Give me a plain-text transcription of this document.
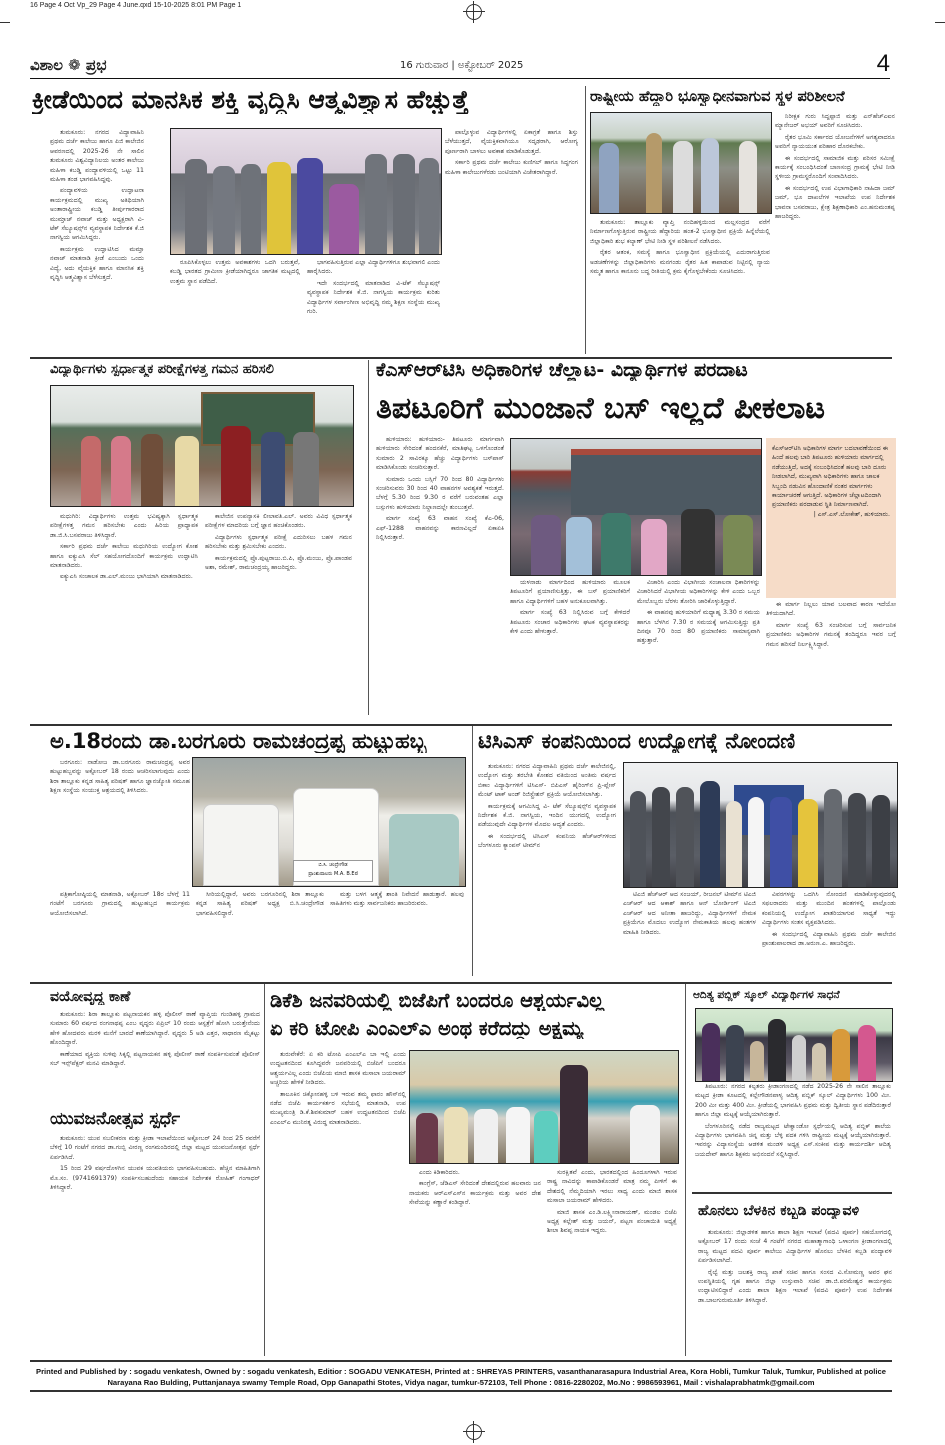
16 Page 4 Oct Vp_29 Page 4 June.qxd 15-10-2025 8:01 PM Page 1
ವಿಶಾಲ ❁ ಪ್ರಭ	16 ಗುರುವಾರ | ಅಕ್ಟೋಬರ್ 2025	4
ಕ್ರೀಡೆಯಿಂದ ಮಾನಸಿಕ ಶಕ್ತಿ ವೃದ್ಧಿಸಿ ಆತ್ಮವಿಶ್ವಾಸ ಹೆಚ್ಚುತ್ತೆ

ತುಮಕೂರು: ನಗರದ ವಿದ್ಯಾವಾಹಿನಿ ಪ್ರಥಮ ದರ್ಜೆ ಕಾಲೇಜು ಹಾಗೂ ಪಿಜಿ ಕಾಲೇಜಿನ ಆವರಣದಲ್ಲಿ 2025-26 ನೇ ಸಾಲಿನ ತುಮಕೂರು ವಿಶ್ವವಿದ್ಯಾನಿಲಯ ಅಂತರ ಕಾಲೇಜು ಮಹಿಳಾ ಕಬಡ್ಡಿ ಪಂದ್ಯಾವಳಿಯಲ್ಲಿ ಒಟ್ಟು 11 ಮಹಿಳಾ ತಂಡ ಭಾಗವಹಿಸಿದ್ದವು.

ಪಂದ್ಯಾವಳಿಯ ಉದ್ಘಾಟನಾ ಕಾರ್ಯಕ್ರಮದಲ್ಲಿ ಮುಖ್ಯ ಅತಿಥಿಯಾಗಿ ಅಂತಾರಾಷ್ಟ್ರೀಯ ಕಬಡ್ಡಿ ತೀರ್ಪುಗಾರರಾದ ಮುಮ್ತಾಜ್ ನವಾಜ್ ಮತ್ತು ಅಧ್ಯಕ್ಷರಾಗಿ ವಿ-ಟೆಕ್ ಸೆಲ್ಯೂಷನ್ಸ್‌ನ ವ್ಯವಸ್ಥಾಪಕ ನಿರ್ದೇಶಕ ಕೆ.ಜಿ ನಾಗಸ್ವಿಯ ಆಗಮಿಸಿದ್ದರು.

ಕಾರ್ಯಕ್ರಮ ಉದ್ಘಾಟಿಸಿದ ಮಮ್ತಾ ನವಾಜ್ ಮಾತನಾಡಿ ಕ್ರೀಡೆ ಎಂಬುದು ಒಂದು ವಿದ್ಯೆ, ಅದು ವೈಯಕ್ತಿಕ ಹಾಗೂ ಮಾನಸಿಕ ಶಕ್ತಿ ವೃದ್ಧಿಸಿ ಆತ್ಮವಿಶ್ವಾಸ ಬೆಳೆಸುತ್ತದೆ.

ರೂಪಿಸಿಕೊಳ್ಳಲು ಉತ್ತಮ ಅವಕಾಶಗಳು ಒದಗಿ ಬರುತ್ತವೆ, ಕಬಡ್ಡಿ ಭಾರತದ ಗ್ರಾಮೀಣ ಕ್ರೀಡೆಯಾಗಿದ್ದರೂ ಜಾಗತಿಕ ಮಟ್ಟದಲ್ಲಿ ಉತ್ತಮ ಸ್ಥಾನ ಪಡೆದಿದೆ.

ಭಾಗವಹಿಸುತ್ತಿರುವ ಎಲ್ಲಾ ವಿದ್ಯಾರ್ಥಿಗಳಿಗೂ ಶುಭವಾಗಲಿ ಎಂದು ಹಾರೈಸಿದರು.

ಇದೇ ಸಂದರ್ಭದಲ್ಲಿ ಮಾತನಾಡಿದ ವಿ-ಟೆಕ್ ಸೆಲ್ಯೂಷನ್ಸ್ ವ್ಯವಸ್ಥಾಪಕ ನಿರ್ದೇಶಕ ಕೆ.ಜಿ. ನಾಗಸ್ವಿಯ ಕಾರ್ಯಕ್ರಮ ಕುರಿತು ವಿದ್ಯಾರ್ಥಿಗಳ ಸರ್ವಾಂಗೀಣ ಅಭಿವೃದ್ಧಿ ನಮ್ಮ ಶಿಕ್ಷಣ ಸಂಸ್ಥೆಯ ಮುಖ್ಯ ಗುರಿ.

ಪಾಲ್ಗೊಳ್ಳುವ ವಿದ್ಯಾರ್ಥಿಗಳಲ್ಲಿ ಏಕಾಗ್ರತೆ ಹಾಗೂ ಶಿಸ್ತು ಬೆಳೆಯುತ್ತದೆ, ವೈಯಕ್ತಿಕವಾಗಿಯೂ ಸದೃಢರಾಗಿ, ಆರೋಗ್ಯ ಪೂರ್ಣರಾಗಿ ಬಾಳಲು ಅವಕಾಶ ಮಾಡಿಕೊಡುತ್ತದೆ.

ಸರ್ಕಾರಿ ಪ್ರಥಮ ದರ್ಜೆ ಕಾಲೇಜು ಕುಣಿಗಲ್ ಹಾಗೂ ಸಿದ್ಧಗಂಗ ಮಹಿಳಾ ಕಾಲೇಜುಗಳೆರಡು ಜಂಟಿಯಾಗಿ ವಿಜೇತರಾಗಿದ್ದಾರೆ.

ರಾಷ್ಟ್ರೀಯ ಹೆದ್ದಾರಿ ಭೂಸ್ವಾಧೀನವಾಗುವ ಸ್ಥಳ ಪರಿಶೀಲನೆ

ತುಮಕೂರು: ತಾಲ್ಲೂಕು ವ್ಯಾಪ್ತಿ ನಂದಿಹಳ್ಳಿಯಿಂದ ಮಲ್ಲಸಂದ್ರದ ವರೆಗೆ ನಿರ್ಮಾಣಗೊಳ್ಳುತ್ತಿರುವ ರಾಷ್ಟ್ರೀಯ ಹೆದ್ದಾರಿಯ ಹಂತ-2 ಭೂಸ್ವಾಧೀನ ಪ್ರಕ್ರಿಯೆ ಹಿನ್ನೆಲೆಯಲ್ಲಿ ಜಿಲ್ಲಾಧಿಕಾರಿ ಶುಭ ಕಲ್ಯಾಣ್ ಭೇಟಿ ನೀಡಿ ಸ್ಥಳ ಪರಿಶೀಲನೆ ನಡೆಸಿದರು.

ರೈತರ ಆತಂಕ, ಸಮಸ್ಯೆ ಹಾಗೂ ಭೂಸ್ವಾಧೀನ ಪ್ರಕ್ರಿಯೆಯಲ್ಲಿ ಎದುರಾಗುತ್ತಿರುವ ಅಡಚಣೆಗಳನ್ನು ಜಿಲ್ಲಾಧಿಕಾರಿಗಳು ಮನಗಂಡು ರೈತರ ಹಿತ ಕಾಪಾಡುವ ನಿಟ್ಟಿನಲ್ಲಿ ನ್ಯಾಯ ಸಮ್ಮತ ಹಾಗೂ ಕಾನೂನು ಬದ್ಧ ರೀತಿಯಲ್ಲಿ ಕ್ರಮ ಕೈಗೊಳ್ಳಬೇಕೆಂದು ಸೂಚಿಸಿದರು.

ನಿರೀಕ್ಷಕ ಗುರು ಸಿದ್ದಪ್ಪಾಜಿ ಮತ್ತು ಎನ್‌ಹೆಚ್‌ಎಐನ ಮ್ಯಾನೇಜರ್ ಅಭಯ್ ಅವರಿಗೆ ಸೂಚಿಸಿದರು.

ರೈತರ ಭೂಮಿ ಸರ್ಕಾರದ ಯೋಜನೆಗಳಿಗೆ ಅಗತ್ಯವಾದರೂ ಅವರಿಗೆ ನ್ಯಾಯಯುತ ಪರಿಹಾರ ದೊರಕಬೇಕು.

ಈ ಸಂದರ್ಭದಲ್ಲಿ ಸಾಮಾಜಿಕ ಮತ್ತು ಪರಿಸರ ಸಮೀಕ್ಷೆ ಕಾರ್ಯಕ್ಕೆ ಸಂಬಂಧಿಸಿದಂತೆ ಬಾಣಸಂದ್ರ ಗ್ರಾಮಕ್ಕೆ ಭೇಟಿ ನೀಡಿ ಸ್ಥಳೀಯ ಗ್ರಾಮಸ್ಥರೊಂದಿಗೆ ಸಂವಾದಿಸಿದರು.

ಈ ಸಂದರ್ಭದಲ್ಲಿ ಉಪ ವಿಭಾಗಾಧಿಕಾರಿ ನಾಹಿದಾ ಜಮ್‌ ಜಮ್, ಭೂ ದಾಖಲೆಗಳ ಇಲಾಖೆಯ ಉಪ ನಿರ್ದೇಶಕ ಭಾವನಾ ಬಸವರಾಜು, ಕ್ಷೇತ್ರ ಶಿಕ್ಷಣಾಧಿಕಾರಿ ಎಂ.ಹನುಮಂತಪ್ಪ ಹಾಜರಿದ್ದರು.

ವಿದ್ಯಾರ್ಥಿಗಳು ಸ್ಪರ್ಧಾತ್ಮಕ ಪರೀಕ್ಷೆಗಳತ್ತ ಗಮನ ಹರಿಸಲಿ

ಮಧುಗಿರಿ: ವಿದ್ಯಾರ್ಥಿಗಳು ಉತ್ತಮ ಭವಿಷ್ಯಕ್ಕಾಗಿ ಸ್ಪರ್ಧಾತ್ಮಕ ಪರೀಕ್ಷೆಗಳತ್ತ ಗಮನ ಹರಿಸಬೇಕು ಎಂದು ಹಿರಿಯ ಪ್ರಾಧ್ಯಾಪಕ ಡಾ.ಜಿ.ಸಿ.ಬಸವರಾಜು ತಿಳಿಸಿದ್ದಾರೆ.

ಸರ್ಕಾರಿ ಪ್ರಥಮ ದರ್ಜೆ ಕಾಲೇಜು ಮಧುಗಿರಿಯ ಉದ್ಯೋಗ ಕೋಶ ಹಾಗೂ ಐಕ್ಯುಎಸಿ ಸೆಲ್ ಸಹಯೋಗದೊಂದಿಗೆ ಕಾರ್ಯಕ್ರಮ ಉದ್ಘಾಟಿಸಿ ಮಾತನಾಡಿದರು.

ಐಕ್ಯುಎಸಿ ಸಂಚಾಲಕ ಡಾ.ಎಲ್.ಮಂಜು ಭಾಗಿಯಾಗಿ ಮಾತನಾಡಿದರು.

ಕಾಲೇಜಿನ ಉಪನ್ಯಾಸಕಿ ಲೀಲಾವತಿ.ಎಲ್. ಅವರು ವಿವಿಧ ಸ್ಪರ್ಧಾತ್ಮಕ ಪರೀಕ್ಷೆಗಳ ಮಾದರಿಯ ಬಗ್ಗೆ ಜ್ಞಾನ ಹಂಚಿಕೊಂಡರು.

ವಿದ್ಯಾರ್ಥಿಗಳು ಸ್ಪರ್ಧಾತ್ಮಕ ಪರೀಕ್ಷೆ ಎದುರಿಸಲು ಬಹಳ ಗಮನ ಹರಿಸಬೇಕು ಮತ್ತು ಶ್ರಮಿಸಬೇಕು ಎಂದರು.

ಕಾರ್ಯಕ್ರಮದಲ್ಲಿ ಪ್ರೊ.ಪುಟ್ಟರಾಜು.ಬಿ.ಪಿ, ಪ್ರೊ.ಮಂಜು, ಪ್ರೊ.ಪಾಂಡವ ಅಶಾ, ರಮೇಶ್, ರಾಮಚಂದ್ರಯ್ಯ ಹಾಜರಿದ್ದರು.

ಕೆಎಸ್‌ಆರ್‌ಟಿಸಿ ಅಧಿಕಾರಿಗಳ ಚೆಲ್ಲಾಟ- ವಿದ್ಯಾರ್ಥಿಗಳ ಪರದಾಟ
ತಿಪಟೂರಿಗೆ ಮುಂಜಾನೆ ಬಸ್ ಇಲ್ಲದೆ ಪೀಕಲಾಟ

ಹುಳಿಯಾರು: ಹುಳಿಯಾರು- ತಿಪಟೂರು ಮಾರ್ಗವಾಗಿ ಹುಳಿಯಾರು ಸೇರಿದಂತೆ ಹಂದನಕೆರೆ, ಮಾತಿಘಟ್ಟ ಒಳಗೊಂಡಂತೆ ಸುಮಾರು 2 ಸಾವಿರಕ್ಕೂ ಹೆಚ್ಚು ವಿದ್ಯಾರ್ಥಿಗಳು ಬಸ್‌ಪಾಸ್ ಮಾಡಿಸಿಕೊಂಡು ಸಂಚರಿಸುತ್ತಾರೆ.

ಸುಮಾರು ಒಂದು ಬಸ್ಸಿಗೆ 70 ರಿಂದ 80 ವಿದ್ಯಾರ್ಥಿಗಳು ಸಂಚರಿಸುವರು 30 ರಿಂದ 40 ವಾಹನಗಳ ಅವಶ್ಯಕತೆ ಇರುತ್ತದೆ. ಬೆಳಗ್ಗೆ 5.30 ರಿಂದ 9.30 ರ ವರೆಗೆ ಬರುವಂತಹ ಎಲ್ಲಾ ಬಸ್ಸುಗಳು ಹುಳಿಯಾರು ನಿಲ್ದಾಣದಲ್ಲೇ ತುಂಬುತ್ತವೆ.

ಮಾರ್ಗ ಸಂಖ್ಯೆ 63 ವಾಹನ ಸಂಖ್ಯೆ ಕೆಎ-06, ಎಫ್-1288 ವಾಹನವನ್ನು ಕಾರಣವಿಲ್ಲದೆ ಏಕಾಏಕಿ ನಿಲ್ಲಿಸಿರುತ್ತಾರೆ.

ಯಳನಾಡು ಮಾರ್ಗದಿಂದ ಹುಳಿಯಾರು ಮೂಲಕ ತಿಪಟೂರಿಗೆ ಪ್ರಯಾಣಿಸುತ್ತಿತ್ತು, ಈ ಬಸ್ ಪ್ರಯಾಣಿಕರಿಗೆ ಹಾಗೂ ವಿದ್ಯಾರ್ಥಿಗಳಿಗೆ ಬಹಳ ಅನುಕೂಲವಾಗಿತ್ತು.

ಮಾರ್ಗ ಸಂಖ್ಯೆ 63 ನಿಲ್ಲಿಸಿರುವ ಬಗ್ಗೆ ಕೇಳಿದರೆ ತಿಪಟೂರು ಸಂಚಾರ ಅಧಿಕಾರಿಗಳು ಘಟಕ ವ್ಯವಸ್ಥಾಪಕರನ್ನು ಕೇಳಿ ಎಂದು ಹೇಳುತ್ತಾರೆ.

ವಿಚಾರಿಸಿ ಎಂದು ವಿಭಾಗೀಯ ಸಂಚಾಲನಾ ಧಿಕಾರಿಗಳನ್ನು ವಿಚಾರಿಸಿದರೆ ವಿಭಾಗೀಯ ಅಧಿಕಾರಿಗಳನ್ನು ಕೇಳಿ ಎಂದು ಒಬ್ಬರ ಮೇಲೊಬ್ಬರು ಬೆರಳು ತೋರಿಸಿ ಜಾರಿಕೊಳ್ಳುತ್ತಿದ್ದಾರೆ.

ಈ ವಾಹನವು ಹುಳಿಯಾರಿಗೆ ಮಧ್ಯಾಹ್ನ 3.30 ರ ಸಮಯ ಹಾಗೂ ಬೆಳಗಿನ 7.30 ರ ಸಮಯಕ್ಕೆ ಆಗಮಿಸುತ್ತಿದ್ದು ಪ್ರತಿ ದಿನವೂ 70 ರಿಂದ 80 ಪ್ರಯಾಣಿಕರು ಸಾಮಾನ್ಯವಾಗಿ ಹತ್ತುತ್ತಾರೆ.

ಕೆಎಸ್‌ಆರ್‌ಟಿಸಿ ಅಧಿಕಾರಿಗಳ ಮಾರ್ಗ ಬದಲಾವಣೆಯಿಂದ ಈ ಹಿಂದೆ ಹಲವು ಬಾರಿ ತಿಪಟೂರು ಹುಳಿಯಾರು ಮಾರ್ಗದಲ್ಲಿ ನಡೆಯುತ್ತಿದೆ, ಅದಕ್ಕೆ ಸಂಬಂಧಿಸಿದಂತೆ ಹಲವು ಬಾರಿ ದೂರು ನೀಡಲಾಗಿದೆ, ಮುಖ್ಯವಾಗಿ ಅಧಿಕಾರಿಗಳು ಹಾಗೂ ಚಾಲಕ ಸಿಬ್ಬಂದಿ ನಡುವಿನ ಹೊಂದಾಣಿಕೆ ನಂತರ ಮಾರ್ಗಗಳು ಕಾರ್ಯಾಚರಣೆ ಆಗುತ್ತಿದೆ. ಅಧಿಕಾರಿಗಳ ಚೆಲ್ಲಾಟದಿಂದಾಗಿ ಪ್ರಯಾಣಿಕರು ಪರದಾಡುವ ಸ್ಥಿತಿ ನಿರ್ಮಾಣವಾಗಿದೆ.
| ಎಸ್.ಎಸ್.ಲೋಕೇಶ್, ಹುಳಿಯಾರು.

ಈ ಮಾರ್ಗ ನಿಲ್ಲಲು ಯಾವ ಬಲವಾದ ಕಾರಣ ಇದೆಯೋ ತಿಳಿಯದಾಗಿದೆ.

ಮಾರ್ಗ ಸಂಖ್ಯೆ 63 ಸಂಚರಿಸುವ ಬಗ್ಗೆ ಸಾರ್ವಜನಿಕ ಪ್ರಯಾಣಿಕರು ಅಧಿಕಾರಿಗಳ ಗಮನಕ್ಕೆ ತಂದಿದ್ದರೂ ಇವರ ಬಗ್ಗೆ ಗಮನ ಹರಿಸದೆ ನಿರ್ಲಕ್ಷ್ಯಿಸಿದ್ದಾರೆ.

ಅ.18ರಂದು ಡಾ.ಬರಗೂರು ರಾಮಚಂದ್ರಪ್ಪ ಹುಟ್ಟುಹಬ್ಬ

ಬರಗೂರು: ನಾಡೋಜ ಡಾ.ಬರಗೂರು ರಾಮಚಂದ್ರಪ್ಪ ಅವರ ಹುಟ್ಟುಹಬ್ಬವನ್ನು ಅಕ್ಟೋಬರ್ 18 ರಂದು ಆಚರಿಸಲಾಗುವುದು ಎಂದು ಶಿರಾ ತಾಲ್ಲೂಕು ಕನ್ನಡ ಸಾಹಿತ್ಯ ಪರಿಷತ್ ಹಾಗೂ ಜ್ಞಾನಜ್ಯೋತಿ ಸಮೂಹ ಶಿಕ್ಷಣ ಸಂಸ್ಥೆಯ ಸಂಯುಕ್ತ ಆಶ್ರಯದಲ್ಲಿ ತಿಳಿಸಿದರು.

ಬಿ.ಸಿ. ಚಂದ್ರೇಗೌಡ
ಪ್ರಾಂಶುಪಾಲರು M.A. B.Ed

ಪತ್ರಿಕಾಗೋಷ್ಠಿಯಲ್ಲಿ ಮಾತನಾಡಿ, ಅಕ್ಟೋಬರ್ 18ರ ಬೆಳಗ್ಗೆ 11 ಗಂಟೆಗೆ ಬರಗೂರು ಗ್ರಾಮದಲ್ಲಿ ಹುಟ್ಟುಹಬ್ಬದ ಕಾರ್ಯಕ್ರಮ ಆಯೋಜಿಸಲಾಗಿದೆ.

ಸೀರಿಯಲ್ಲಿದ್ದಾರೆ, ಅವರು ಬರಗೂರಿನಲ್ಲಿ ಶಿರಾ ತಾಲ್ಲೂಕು ಕನ್ನಡ ಸಾಹಿತ್ಯ ಪರಿಷತ್ ಅಧ್ಯಕ್ಷ ಬಿ.ಸಿ.ಚಂದ್ರೇಗೌಡ ಭಾಗವಹಿಸಲಿದ್ದಾರೆ.

ಮತ್ತು ಬಳಗ ಆತ್ಮಕ್ಕೆ ಶಾಂತಿ ನಿವೇದನೆ ಹಾಡುತ್ತಾರೆ. ಹಲವು ಸಾಹಿತಿಗಳು ಮತ್ತು ಸಾರ್ವಜನಿಕರು ಹಾಜರಿರುವರು.

ಟಿಸಿಎಸ್ ಕಂಪನಿಯಿಂದ ಉದ್ಯೋಗಕ್ಕೆ ನೋಂದಣಿ

ತುಮಕೂರು: ನಗರದ ವಿದ್ಯಾವಾಹಿನಿ ಪ್ರಥಮ ದರ್ಜೆ ಕಾಲೇಜಿನಲ್ಲಿ, ಉದ್ಯೋಗ ಮತ್ತು ತರಬೇತಿ ಕೋಶದ ವತಿಯಿಂದ ಅಂತಿಮ ವರ್ಷದ ಬಿಕಾಂ ವಿದ್ಯಾರ್ಥಿಗಳಿಗೆ ಟಿಸಿಎಸ್- ಬಿಪಿಎಸ್ ಹೈರಿಂಗ್‌ನ ಪ್ರಿ-ಪ್ಲೇಸ್ ಮೆಂಟ್ ಟಾಕ್ ಅಂಡ್ ರಿಜಿಸ್ಟ್ರೇಶನ್ ಪ್ರಕ್ರಿಯೆ ಆಯೋಜಿಸಲಾಗಿತ್ತು.

ಕಾರ್ಯಕ್ರಮಕ್ಕೆ ಆಗಮಿಸಿದ್ದ ವಿ- ಟೆಕ್ ಸೆಲ್ಯೂಷನ್ಸ್‌ನ ವ್ಯವಸ್ಥಾಪಕ ನಿರ್ದೇಶಕ ಕೆ.ಜಿ. ನಾಗಸ್ವಿಯ, ಇಂದಿನ ಯುಗದಲ್ಲಿ ಉದ್ಯೋಗ ಪಡೆಯುವುದೇ ವಿದ್ಯಾರ್ಥಿಗಳ ಮೊದಲ ಆದ್ಯತೆ ಎಂದರು.

ಈ ಸಂದರ್ಭದಲ್ಲಿ ಟಿಸಿಎಸ್ ಕಂಪನಿಯ ಹೆಚ್‌ಆರ್‌ಗಳಿಂದ ಬೆಂಗಳೂರು ಕ್ಯಾಂಪಸ್ ಟೀಮ್‌ನ

ಟಿಎಜಿ ಹೆಚ್‌ಆರ್ ಆದ ಸಂಜಯ್, ರೀಜನಲ್ ಟೀಮ್‌ನ ಟಿಎಜಿ ಎಚ್‌ಆರ್ ಆದ ಆಕಾಶ್ ಹಾಗೂ ಆನ್ ಬೋರ್ಡಿಂಗ್ ಟಿಎಜಿ ಎಚ್‌ಆರ್ ಆದ ಅನೀತಾ ಹಾಜರಿದ್ದು, ವಿದ್ಯಾರ್ಥಿಗಳಿಗೆ ನೇಮಕ ಪ್ರಕ್ರಿಯೆಗೂ ಮೊದಲು ಉದ್ಯೋಗ ನೇಮಕಾತಿಯ ಹಲವು ಹಂತಗಳ ಮಾಹಿತಿ ನೀಡಿದರು.

ವಿವರಗಳನ್ನು ಒದಗಿಸಿ ನೋಂದಣಿ ಮಾಡಿಕೊಳ್ಳುವುದರಲ್ಲಿ ಸಫಲರಾದರು ಮತ್ತು ಮುಂದಿನ ಹಂತಗಳಲ್ಲಿ ಪಾಲ್ಗೊಂಡು ಕಂಪನಿಯಲ್ಲಿ ಉದ್ಯೋಗ ಖಾತರಿಯಾಗುವ ಸಾಧ್ಯತೆ ಇದ್ದು ವಿದ್ಯಾರ್ಥಿಗಳು ಸಂತಸ ವ್ಯಕ್ತಪಡಿಸಿದರು.

ಈ ಸಂದರ್ಭದಲ್ಲಿ ವಿದ್ಯಾವಾಹಿನಿ ಪ್ರಥಮ ದರ್ಜೆ ಕಾಲೇಜಿನ ಪ್ರಾಂಶುಪಾಲರಾದ ಡಾ.ಅರುಣ.ಎ. ಹಾಜರಿದ್ದರು.

ವಯೋವೃದ್ಧ ಕಾಣೆ

ತುಮಕೂರು: ಶಿರಾ ತಾಲ್ಲೂಕು ಪಟ್ಟನಾಯಕನ ಹಳ್ಳಿ ಪೊಲೀಸ್ ಠಾಣೆ ವ್ಯಾಪ್ತಿಯ ಗುಂಡಿಹಳ್ಳಿ ಗ್ರಾಮದ ಸುಮಾರು 60 ವರ್ಷದ ರಂಗನಾಥಪ್ಪ ಎಂಬ ವೃದ್ಧರು ಏಪ್ರಿಲ್ 10 ರಂದು ಆಸ್ಪತ್ರೆಗೆ ಹೋಗಿ ಬರುತ್ತೇನೆಂದು ಹೇಳಿ ಹೋದವರು ಮರಳಿ ಮನೆಗೆ ಬಾರದೆ ಕಾಣೆಯಾಗಿದ್ದಾರೆ. ವೃದ್ಧರು 5 ಅಡಿ ಎತ್ತರ, ಸಾಧಾರಣ ಮೈಕಟ್ಟು ಹೊಂದಿದ್ದಾರೆ.

ಕಾಣೆಯಾದ ವ್ಯಕ್ತಿಯ ಸುಳಿವು ಸಿಕ್ಕಲ್ಲಿ ಪಟ್ಟನಾಯಕನ ಹಳ್ಳಿ ಪೊಲೀಸ್ ಠಾಣೆ ಸಂಪರ್ಕಿಸುವಂತೆ ಪೊಲೀಸ್ ಸಬ್ ಇನ್ಸ್‌ಪೆಕ್ಟರ್ ಮನವಿ ಮಾಡಿದ್ದಾರೆ.

ಯುವಜನೋತ್ಸವ ಸ್ಪರ್ಧೆ

ತುಮಕೂರು: ಯುವ ಸಬಲೀಕರಣ ಮತ್ತು ಕ್ರೀಡಾ ಇಲಾಖೆಯಿಂದ ಅಕ್ಟೋಬರ್ 24 ರಿಂದ 25 ರವರೆಗೆ ಬೆಳಿಗ್ಗೆ 10 ಗಂಟೆಗೆ ನಗರದ ಡಾ.ಗುಬ್ಬಿ ವೀರಣ್ಣ ರಂಗಮಂದಿರದಲ್ಲಿ ಜಿಲ್ಲಾ ಮಟ್ಟದ ಯುವಜನೋತ್ಸವ ಸ್ಪರ್ಧೆ ಏರ್ಪಡಿಸಿದೆ.

15 ರಿಂದ 29 ವರ್ಷದೊಳಗಿನ ಯುವಕ ಯುವತಿಯರು ಭಾಗವಹಿಸಬಹುದು. ಹೆಚ್ಚಿನ ಮಾಹಿತಿಗಾಗಿ ಮೊ.ಸಂ. (9741691379) ಸಂಪರ್ಕಿಸಬಹುದೆಂದು ಸಹಾಯಕ ನಿರ್ದೇಶಕ ರೋಹಿತ್ ಗಂಗಾಧರ್ ತಿಳಿಸಿದ್ದಾರೆ.

ಡಿಕೆಶಿ ಜನವರಿಯಲ್ಲಿ ಬಿಜೆಪಿಗೆ ಬಂದರೂ ಆಶ್ಚರ್ಯವಿಲ್ಲ
ಏ ಕರಿ ಟೋಪಿ ಎಂಎಲ್ಎ ಅಂಥ ಕರೆದದ್ದು ಅಕ್ಷಮ್ಯ

ತುರುವೇಕೆರೆ: ಏ ಕರಿ ಟೋಪಿ ಎಂಎಲ್ಎ ಬಾ ಇಲ್ಲಿ ಎಂದು ಉದ್ಧಟತನದಿಂದ ಕೂಗಿದ್ದವರೇ ಜನವರಿಯಲ್ಲಿ ಬಿಜೆಪಿಗೆ ಬಂದರೂ ಆಶ್ಚರ್ಯವಿಲ್ಲ ಎಂದು ಬಿಜೆಪಿಯ ಮಾಜಿ ಶಾಸಕ ಮಸಾಲಾ ಜಯರಾಮ್ ಅಚ್ಚರಿಯ ಹೇಳಿಕೆ ನೀಡಿದರು.

ತಾಲೂಕಿನ ಚಿಕ್ಕೋನಹಳ್ಳಿ ಬಳಿ ಇರುವ ತಮ್ಮ ಫಾರಂ ಹೌಸ್‌ನಲ್ಲಿ ನಡೆದ ಬಿಜೆಪಿ ಕಾರ್ಯಕರ್ತರ ಸಭೆಯಲ್ಲಿ ಮಾತನಾಡಿ, ಉಪ ಮುಖ್ಯಮಂತ್ರಿ ಡಿ.ಕೆ.ಶಿವಕುಮಾರ್ ಬಹಳ ಉದ್ಧಟತನದಿಂದ ಬಿಜೆಪಿ ಎಂಎಲ್ಎ ಮುನಿರತ್ನ ವಿರುದ್ಧ ಮಾತನಾಡಿದರು.

ಎಂದು ಕಿಡಿಕಾರಿದರು.

ಕಾಂಗ್ರೆಸ್, ಜೆಡಿಎಸ್ ಸೇರಿದಂತೆ ದೇಶದಲ್ಲಿರುವ ಹಲವಾರು ಜನ ನಾಯಕರು ಆರ್‌ಎಸ್‌ಎಸ್‌ನ ಕಾರ್ಯಕ್ರಮ ಮತ್ತು ಅವರ ದೇಶ ಸೇವೆಯನ್ನು ಕಣ್ಣಾರೆ ಕಂಡಿದ್ದಾರೆ.

ಸುರಕ್ಷಿತವೆ ಎಂದು, ಭಾರತದಲ್ಲಿಂದ ಹಿಂದೂಗಳಾಗಿ ಇರುವ ರಾಷ್ಟ್ರ ನಾವಿದನ್ನು ಕಾಪಾಡಿಕೊಂಡರೆ ಮಾತ್ರ ನಮ್ಮ ಪೀಳಿಗೆ ಈ ದೇಶದಲ್ಲಿ ನೆಮ್ಮದಿಯಾಗಿ ಇರಲು ಸಾಧ್ಯ ಎಂದು ಮಾಜಿ ಶಾಸಕ ಮಸಾಲಾ ಜಯರಾಮ್ ಹೇಳಿದರು.

ಮಾಜಿ ಶಾಸಕ ಎಂ.ಡಿ.ಲಕ್ಷ್ಮೀನಾರಾಯಣ್, ಮಂಡಲ ಬಿಜೆಪಿ ಅಧ್ಯಕ್ಷ ಕಲ್ಲೇಶ್ ಮತ್ತು ಜಯನ್, ಪಟ್ಟಣ ಪಂಚಾಯಿತಿ ಅಧ್ಯಕ್ಷೆ ಶೀಲಾ ಶಿವಪ್ಪ ನಾಯಕ ಇದ್ದರು.

ಆದಿತ್ಯ ಪಬ್ಲಿಕ್ ಸ್ಕೂಲ್ ವಿದ್ಯಾರ್ಥಿಗಳ ಸಾಧನೆ

ತಿಪಟೂರು: ನಗರದ ಕಲ್ಪತರು ಕ್ರೀಡಾಂಗಣದಲ್ಲಿ ನಡೆದ 2025-26 ನೇ ಸಾಲಿನ ತಾಲ್ಲೂಕು ಮಟ್ಟದ ಕ್ರೀಡಾ ಕೂಟದಲ್ಲಿ ಕಲ್ಲೇಗೌಡನಪಾಳ್ಯ ಆದಿತ್ಯ ಪಬ್ಲಿಕ್ ಸ್ಕೂಲ್ ವಿದ್ಯಾರ್ಥಿಗಳು 100 ಮೀ. 200 ಮೀ ಮತ್ತು 400 ಮೀ. ಕ್ರೀಡೆಯಲ್ಲಿ ಭಾಗವಹಿಸಿ ಪ್ರಥಮ ಮತ್ತು ದ್ವಿತೀಯ ಸ್ಥಾನ ಪಡೆದಿರುತ್ತಾರೆ ಹಾಗೂ ಜಿಲ್ಲಾ ಮಟ್ಟಕ್ಕೆ ಆಯ್ಕೆಯಾಗಿರುತ್ತಾರೆ.

ಬೆಂಗಳೂರಿನಲ್ಲಿ ನಡೆದ ರಾಜ್ಯಮಟ್ಟದ ಟೇಕ್ವಾಂಡೋ ಸ್ಪರ್ಧೆಯಲ್ಲಿ ಆದಿತ್ಯ ಪಬ್ಲಿಕ್ ಶಾಲೆಯ ವಿದ್ಯಾರ್ಥಿಗಳು ಭಾಗವಹಿಸಿ ಚಿನ್ನ ಮತ್ತು ಬೆಳ್ಳಿ ಪದಕ ಗಳಿಸಿ ರಾಷ್ಟ್ರೀಯ ಮಟ್ಟಕ್ಕೆ ಆಯ್ಕೆಯಾಗಿರುತ್ತಾರೆ. ಇವರನ್ನು ವಿದ್ಯಾಸಂಸ್ಥೆಯ ಆಡಳಿತ ಮಂಡಳಿ ಅಧ್ಯಕ್ಷ ಎಸ್.ಸಂಕೀಪ ಮತ್ತು ಕಾರ್ಯದರ್ಶಿ ಆದಿತ್ಯ ಜಯದೇವ್ ಹಾಗೂ ಶಿಕ್ಷಕರು ಅಭಿನಂದನೆ ಸಲ್ಲಿಸಿದ್ದಾರೆ.

ಹೊನಲು ಬೆಳಕಿನ ಕಬ್ಬಡಿ ಪಂದ್ಯಾವಳಿ

ತುಮಕೂರು: ಜಿಲ್ಲಾಡಳಿತ ಹಾಗೂ ಶಾಲಾ ಶಿಕ್ಷಣ ಇಲಾಖೆ (ಪದವಿ ಪೂರ್ವ) ಸಹಯೋಗದಲ್ಲಿ ಅಕ್ಟೋಬರ್ 17 ರಂದು ಸಂಜೆ 4 ಗಂಟೆಗೆ ನಗರದ ಮಹಾತ್ಮಾಗಾಂಧಿ ಒಳಾಂಗಣ ಕ್ರೀಡಾಂಗಣದಲ್ಲಿ ರಾಜ್ಯ ಮಟ್ಟದ ಪದವಿ ಪೂರ್ವ ಕಾಲೇಜು ವಿದ್ಯಾರ್ಥಿಗಳ ಹೊನಲು ಬೆಳಕಿನ ಕಬ್ಬಡಿ ಪಂದ್ಯಾವಳಿ ಏರ್ಪಡಿಸಲಾಗಿದೆ.

ರೈಲ್ವೆ ಮತ್ತು ಜಲಶಕ್ತಿ ರಾಜ್ಯ ಖಾತೆ ಸಚಿವ ಹಾಗೂ ಸಂಸದ ವಿ.ಸೋಮಣ್ಣ ಅವರ ಘನ ಉಪಸ್ಥಿತಿಯಲ್ಲಿ ಗೃಹ ಹಾಗೂ ಜಿಲ್ಲಾ ಉಸ್ತುವಾರಿ ಸಚಿವ ಡಾ.ಜಿ.ಪರಮೇಶ್ವರ ಕಾರ್ಯಕ್ರಮ ಉದ್ಘಾಟಿಸಲಿದ್ದಾರೆ ಎಂದು ಶಾಲಾ ಶಿಕ್ಷಣ ಇಲಾಖೆ (ಪದವಿ ಪೂರ್ವ) ಉಪ ನಿರ್ದೇಶಕ ಡಾ.ಬಾಲಗುರುಮೂರ್ತಿ ತಿಳಿಸಿದ್ದಾರೆ.

Printed and Published by : sogadu venkatesh, Owned by : sogadu venkatesh, Editior : SOGADU VENKATESH, Printed at : SHREYAS PRINTERS, vasanthanarasapura Industrial Area, Kora Hobli, Tumkur Taluk, Tumkur, Published at police
Narayana Rao Bulding, Puttanjanaya swamy Temple Road, Opp Ganapathi Stotes, Vidya nagar, tumkur-572103, Tell Phone : 0816-2280202, Mo.No : 9986593961, Mail : vishalaprabhatmk@gmail.com
